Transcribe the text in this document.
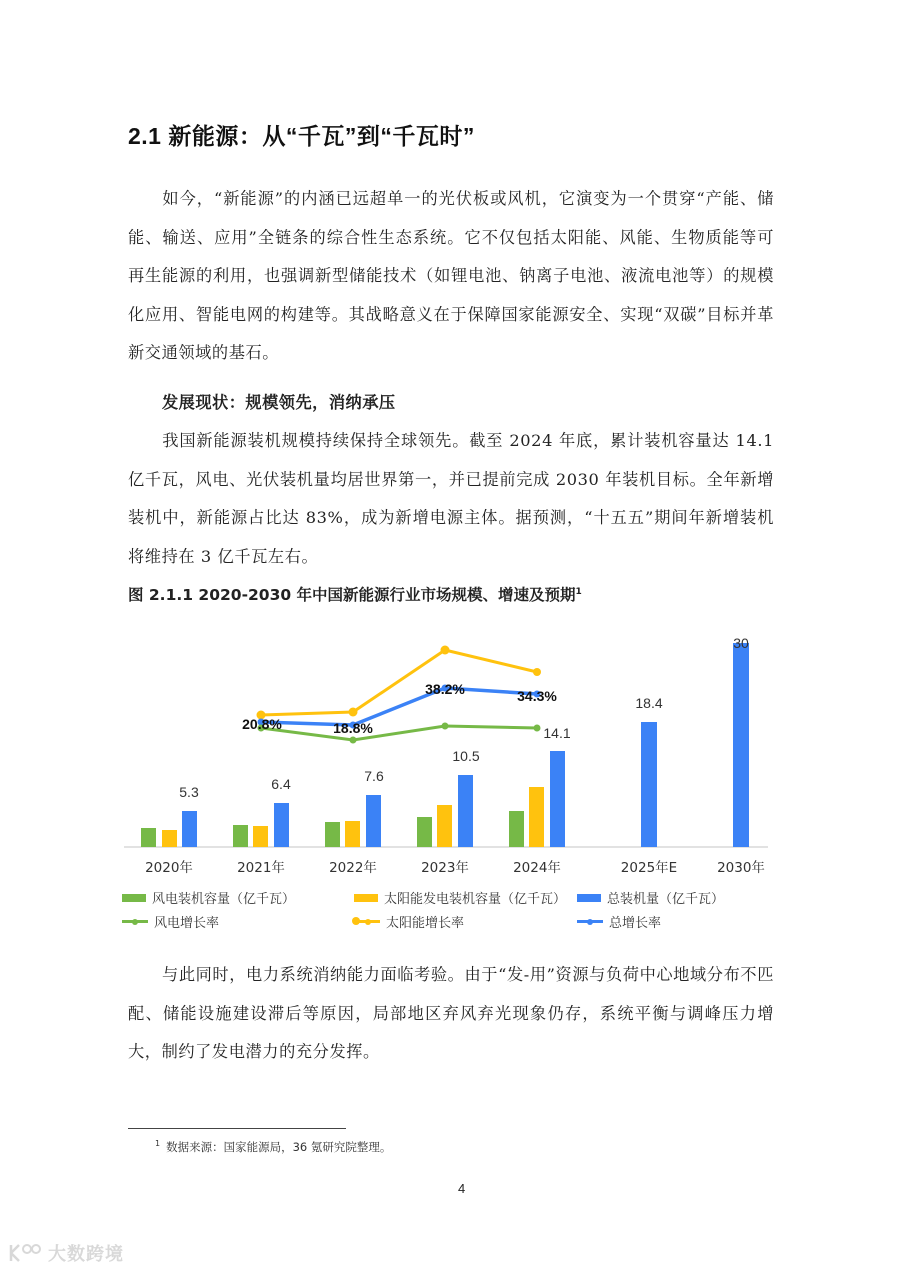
2.1 新能源：从“千瓦”到“千瓦时”
如今，“新能源”的内涵已远超单一的光伏板或风机，它演变为一个贯穿“产能、储能、输送、应用”全链条的综合性生态系统。它不仅包括太阳能、风能、生物质能等可再生能源的利用，也强调新型储能技术（如锂电池、钠离子电池、液流电池等）的规模化应用、智能电网的构建等。其战略意义在于保障国家能源安全、实现“双碳”目标并革新交通领域的基石。
发展现状：规模领先，消纳承压
我国新能源装机规模持续保持全球领先。截至 2024 年底，累计装机容量达 14.1 亿千瓦，风电、光伏装机量均居世界第一，并已提前完成 2030 年装机目标。全年新增装机中，新能源占比达 83%，成为新增电源主体。据预测，“十五五”期间年新增装机将维持在 3 亿千瓦左右。
图 2.1.1 2020-2030 年中国新能源行业市场规模、增速及预期$^1$
5.3	6.4	7.6
10.5
14.1
18.4
30
20.8%	18.8%
38.2%	34.3%
2020年	2021年	2022年	2023年	2024年	2025年E	2030年
风电装机容量（亿千瓦）	太阳能发电装机容量（亿千瓦）	总装机量（亿千瓦）
风电增长率	太阳能增长率	总增长率
与此同时，电力系统消纳能力面临考验。由于“发-用”资源与负荷中心地域分布不匹配、储能设施建设滞后等原因，局部地区弃风弃光现象仍存，系统平衡与调峰压力增大，制约了发电潜力的充分发挥。
$^1$ 数据来源：国家能源局，36 氪研究院整理。
4
大数跨境
